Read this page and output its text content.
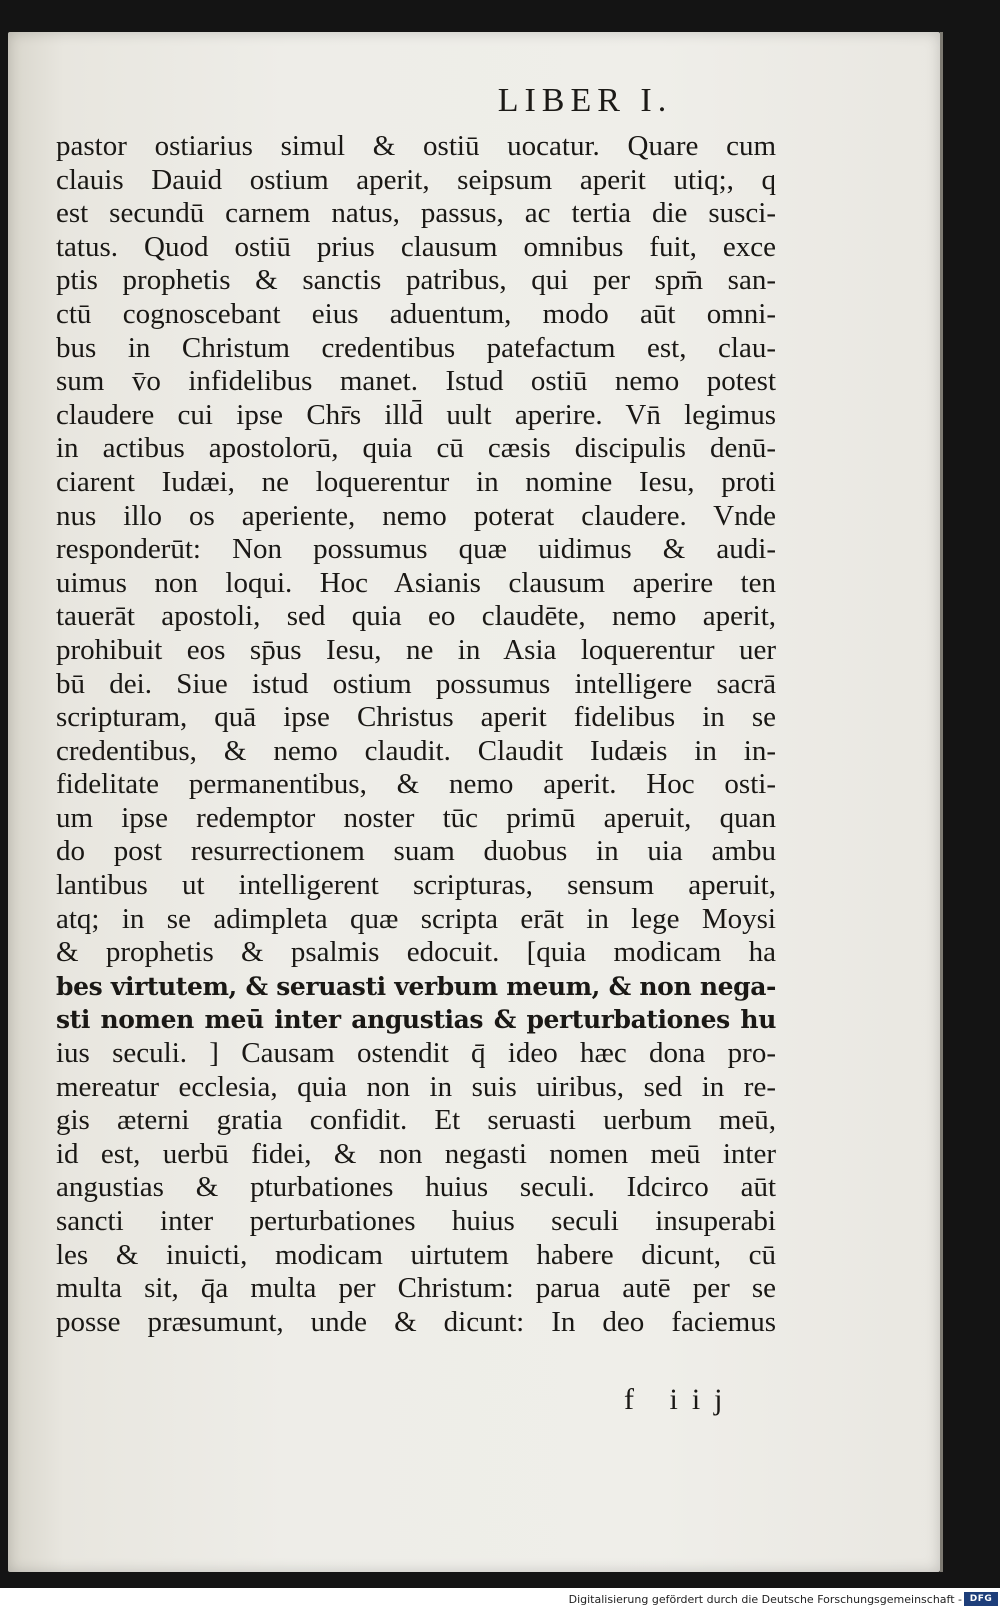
LIBER I.
pastor ostiarius simul & ostiū uocatur. Quare cum
clauis Dauid ostium aperit, seipsum aperit utiq;, q
est secundū carnem natus, passus, ac tertia die susci-
tatus. Quod ostiū prius clausum omnibus fuit, exce
ptis prophetis & sanctis patribus, qui per spm̄ san-
ctū cognoscebant eius aduentum, modo aūt omni-
bus in Christum credentibus patefactum est, clau-
sum v̄o infidelibus manet. Istud ostiū nemo potest
claudere cui ipse Chr̄s illd̄ uult aperire. Vn̄ legimus
in actibus apostolorū, quia cū cæsis discipulis denū-
ciarent Iudæi, ne loquerentur in nomine Iesu, proti
nus illo os aperiente, nemo poterat claudere. Vnde
responderūt: Non possumus quæ uidimus & audi-
uimus non loqui. Hoc Asianis clausum aperire ten
tauerāt apostoli, sed quia eo claudēte, nemo aperit,
prohibuit eos sp̄us Iesu, ne in Asia loquerentur uer
bū dei. Siue istud ostium possumus intelligere sacrā
scripturam, quā ipse Christus aperit fidelibus in se
credentibus, & nemo claudit. Claudit Iudæis in in-
fidelitate permanentibus, & nemo aperit. Hoc osti-
um ipse redemptor noster tūc primū aperuit, quan
do post resurrectionem suam duobus in uia ambu
lantibus ut intelligerent scripturas, sensum aperuit,
atq; in se adimpleta quæ scripta erāt in lege Moysi
& prophetis & psalmis edocuit. [quia modicam ha
bes virtutem, & seruasti verbum meum, & non nega-
sti nomen meū inter angustias & perturbationes hu
ius seculi. ] Causam ostendit q̄ ideo hæc dona pro-
mereatur ecclesia, quia non in suis uiribus, sed in re-
gis æterni gratia confidit. Et seruasti uerbum meū,
id est, uerbū fidei, & non negasti nomen meū inter
angustias & pturbationes huius seculi. Idcirco aūt
sancti inter perturbationes huius seculi insuperabi
les & inuicti, modicam uirtutem habere dicunt, cū
multa sit, q̄a multa per Christum: parua autē per se
posse præsumunt, unde & dicunt: In deo faciemus
f iij
Digitalisierung gefördert durch die Deutsche Forschungsgemeinschaft - DFG
